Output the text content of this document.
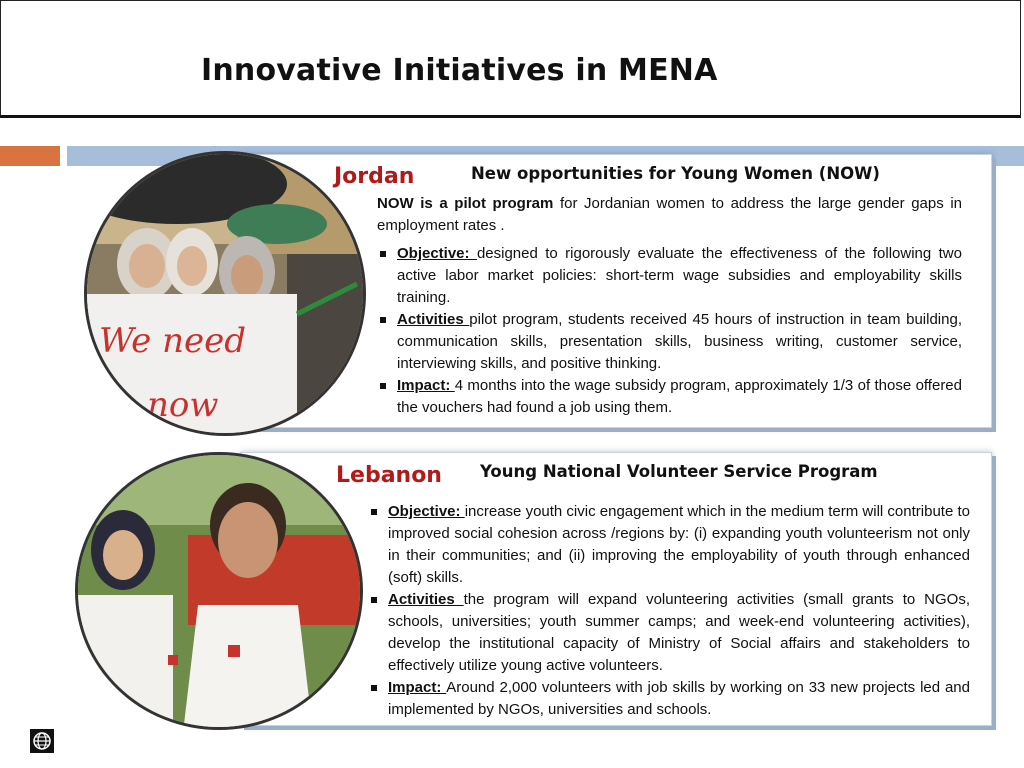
Innovative Initiatives in MENA
Jordan	New opportunities for Young Women (NOW)
NOW is a pilot program for Jordanian women to address the large gender gaps in employment rates .
Objective: designed to rigorously evaluate the effectiveness of the following two active labor market policies: short-term wage subsidies and employability skills training.
Activities pilot program, students received 45 hours of instruction in team building, communication skills, presentation skills, business writing, customer service, interviewing skills, and positive thinking.
Impact: 4 months into the wage subsidy program, approximately 1/3 of those offered the vouchers had found a job using them.
We need
now
Lebanon Young National Volunteer Service Program
Objective: increase youth civic engagement which in the medium term will contribute to improved social cohesion across /regions by: (i) expanding youth volunteerism not only in their communities; and (ii) improving the employability of youth through enhanced (soft) skills.
Activities the program will expand volunteering activities (small grants to NGOs, schools, universities; youth summer camps; and week-end volunteering activities), develop the institutional capacity of Ministry of Social affairs and stakeholders to effectively utilize young active volunteers.
Impact: Around 2,000 volunteers with job skills by working on 33 new projects led and implemented by NGOs, universities and schools.
